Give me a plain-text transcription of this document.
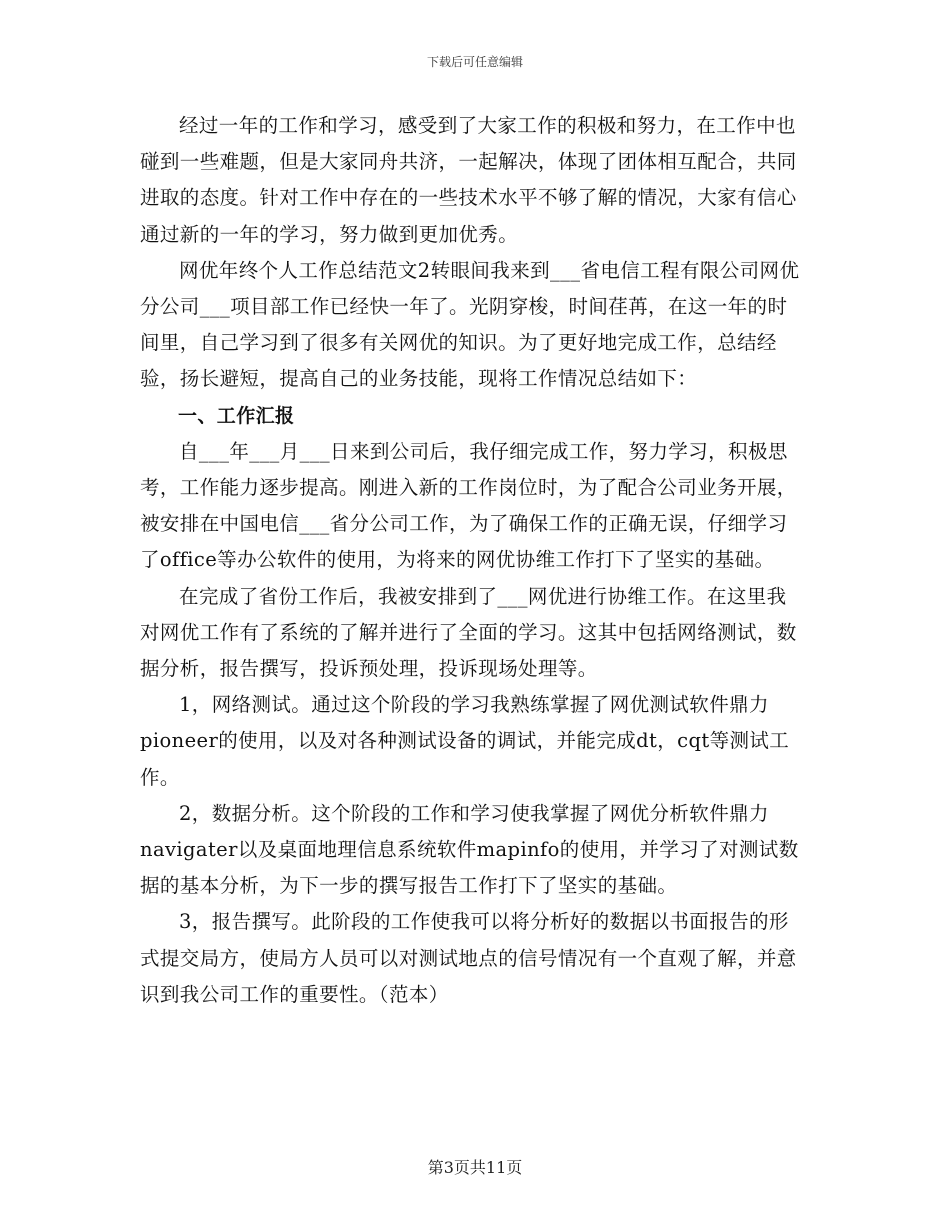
下载后可任意编辑

经过一年的工作和学习，感受到了大家工作的积极和努力，在工作中也碰到一些难题，但是大家同舟共济，一起解决，体现了团体相互配合，共同进取的态度。针对工作中存在的一些技术水平不够了解的情况，大家有信心通过新的一年的学习，努力做到更加优秀。

网优年终个人工作总结范文2转眼间我来到___省电信工程有限公司网优分公司___项目部工作已经快一年了。光阴穿梭，时间荏苒，在这一年的时间里，自己学习到了很多有关网优的知识。为了更好地完成工作，总结经验，扬长避短，提高自己的业务技能，现将工作情况总结如下：

一、工作汇报

自___年___月___日来到公司后，我仔细完成工作，努力学习，积极思考，工作能力逐步提高。刚进入新的工作岗位时，为了配合公司业务开展，被安排在中国电信___省分公司工作，为了确保工作的正确无误，仔细学习了office等办公软件的使用，为将来的网优协维工作打下了坚实的基础。

在完成了省份工作后，我被安排到了___网优进行协维工作。在这里我对网优工作有了系统的了解并进行了全面的学习。这其中包括网络测试，数据分析，报告撰写，投诉预处理，投诉现场处理等。

1，网络测试。通过这个阶段的学习我熟练掌握了网优测试软件鼎力pioneer的使用，以及对各种测试设备的调试，并能完成dt，cqt等测试工作。

2，数据分析。这个阶段的工作和学习使我掌握了网优分析软件鼎力navigater以及桌面地理信息系统软件mapinfo的使用，并学习了对测试数据的基本分析，为下一步的撰写报告工作打下了坚实的基础。

3，报告撰写。此阶段的工作使我可以将分析好的数据以书面报告的形式提交局方，使局方人员可以对测试地点的信号情况有一个直观了解，并意识到我公司工作的重要性。（范本）

第3页共11页
